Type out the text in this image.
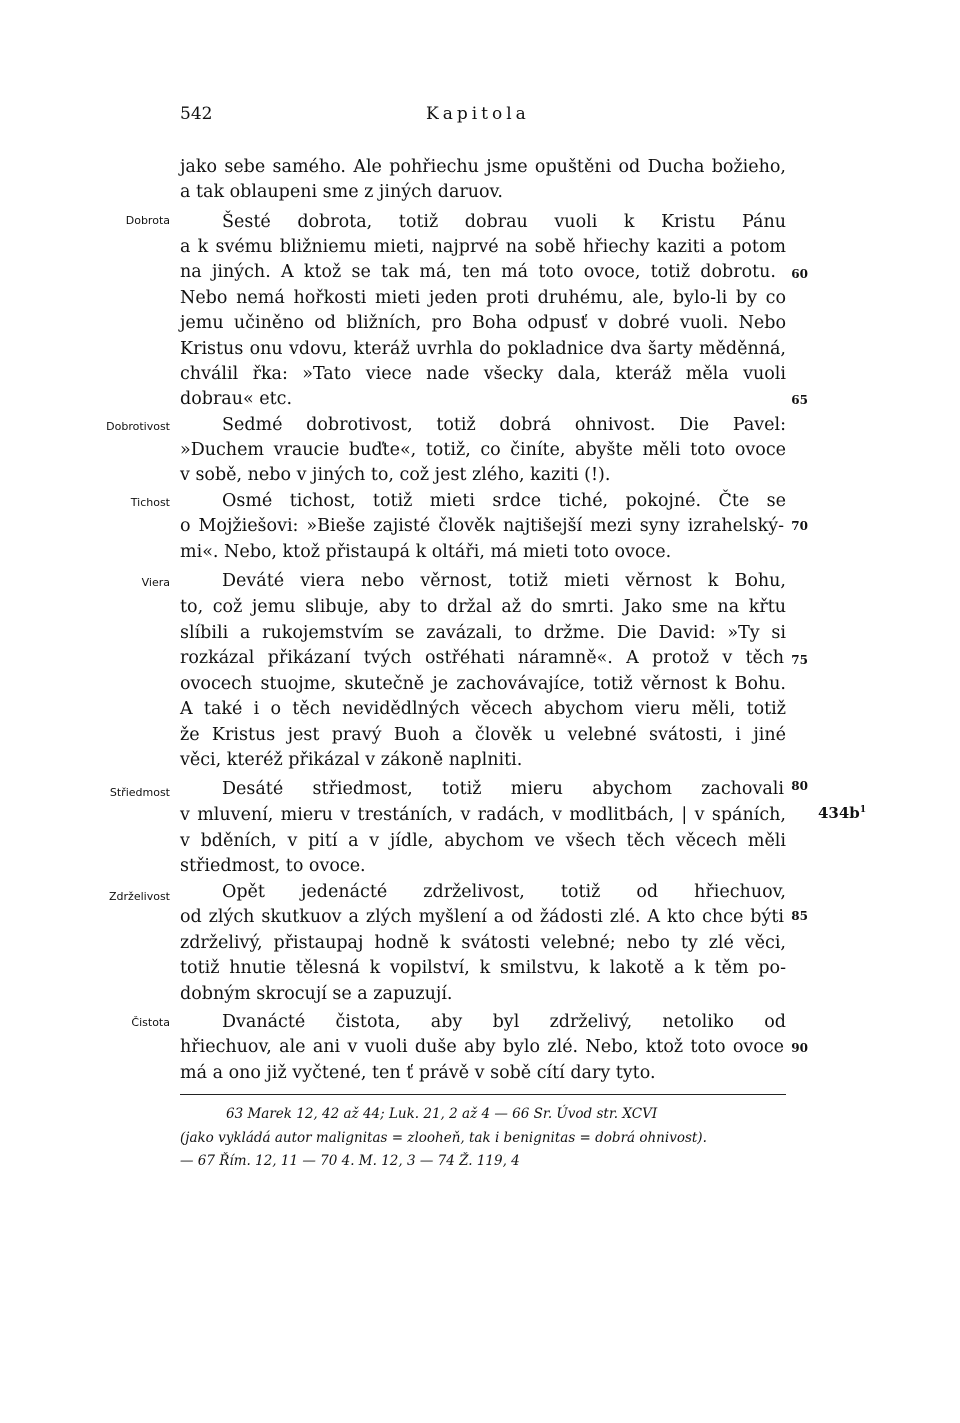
542	Kapitola
Dobrota
Dobrotivost
Tichost
Viera
Střiedmost
Zdrželivost
Čistota
60
65
70
75
80
85
90
$434b^1$
jako sebe samého. Ale pohřiechu jsme opuštěni od Ducha božieho,
a tak oblaupeni sme z jiných daruov.
Šesté dobrota, totiž dobrau vuoli k Kristu Pánu
a k svému bližniemu mieti, najprvé na sobě hřiechy kaziti a potom
na jiných. A ktož se tak má, ten má toto ovoce, totiž dobrotu.
Nebo nemá hořkosti mieti jeden proti druhému, ale, bylo-li by co
jemu učiněno od bližních, pro Boha odpusť v dobré vuoli. Nebo
Kristus onu vdovu, kteráž uvrhla do pokladnice dva šarty měděnná,
chválil řka: »Tato viece nade všecky dala, kteráž měla vuoli
dobrau« etc.
Sedmé dobrotivost, totiž dobrá ohnivost. Die Pavel:
»Duchem vraucie buďte«, totiž, co činíte, abyšte měli toto ovoce
v sobě, nebo v jiných to, což jest zlého, kaziti (!).
Osmé tichost, totiž mieti srdce tiché, pokojné. Čte se
o Mojžiešovi: »Bieše zajisté člověk najtišejší mezi syny izrahelský-
mi«. Nebo, ktož přistaupá k oltáři, má mieti toto ovoce.
Deváté viera nebo věrnost, totiž mieti věrnost k Bohu,
to, což jemu slibuje, aby to držal až do smrti. Jako sme na křtu
slíbili a rukojemstvím se zavázali, to držme. Die David: »Ty si
rozkázal přikázaní tvých ostřéhati náramně«. A protož v těch
ovocech stuojme, skutečně je zachovávajíce, totiž věrnost k Bohu.
A také i o těch nevidědlných věcech abychom vieru měli, totiž
že Kristus jest pravý Buoh a člověk u velebné svátosti, i jiné
věci, kteréž přikázal v zákoně naplniti.
Desáté střiedmost, totiž mieru abychom zachovali
v mluvení, mieru v trestáních, v radách, v modlitbách, | v spáních,
v bděních, v pití a v jídle, abychom ve všech těch věcech měli
střiedmost, to ovoce.
Opět jedenácté zdrželivost, totiž od hřiechuov,
od zlých skutkuov a zlých myšlení a od žádosti zlé. A kto chce býti
zdrželivý, přistaupaj hodně k svátosti velebné; nebo ty zlé věci,
totiž hnutie tělesná k vopilství, k smilstvu, k lakotě a k těm po-
dobným skrocují se a zapuzují.
Dvanácté čistota, aby byl zdrželivý, netoliko od
hřiechuov, ale ani v vuoli duše aby bylo zlé. Nebo, ktož toto ovoce
má a ono již vyčtené, ten ť právě v sobě cítí dary tyto.
63 Marek 12, 42 až 44; Luk. 21, 2 až 4 — 66 Sr. Úvod str. XCVI
(jako vykládá autor malignitas = zlooheň, tak i benignitas = dobrá ohnivost).
— 67 Řím. 12, 11 — 70 4. M. 12, 3 — 74 Ž. 119, 4
